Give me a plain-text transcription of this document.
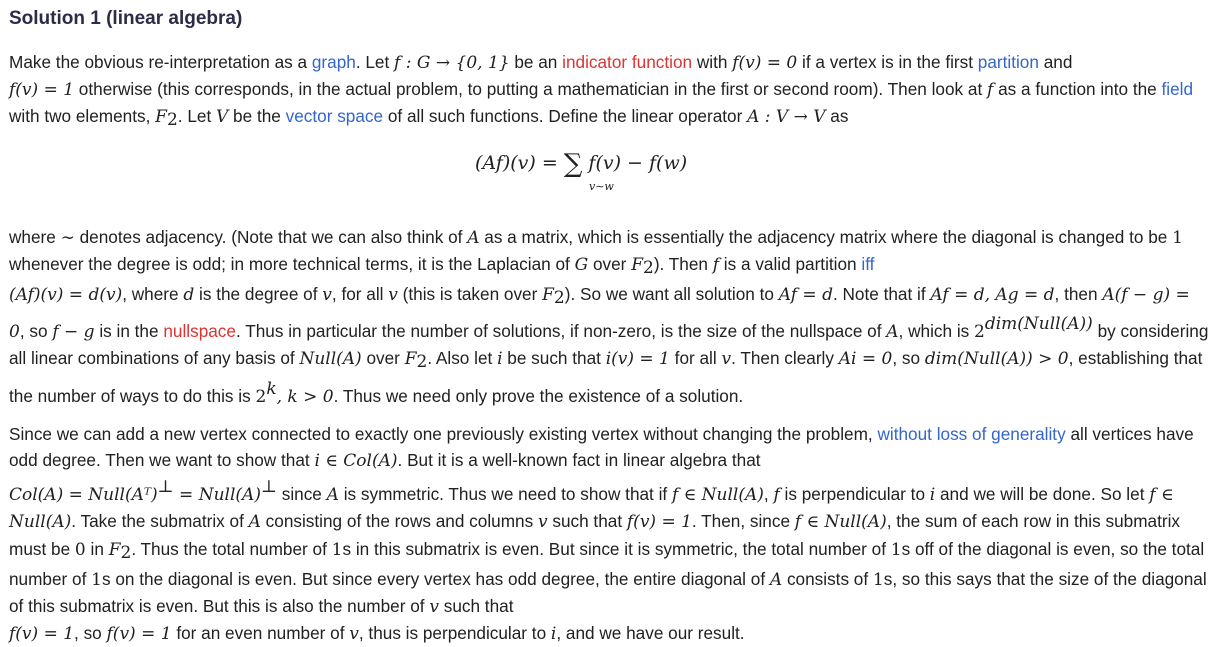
Solution 1 (linear algebra)

Make the obvious re-interpretation as a graph. Let f : G → {0, 1} be an indicator function with f(v) = 0 if a vertex is in the first partition and
f(v) = 1 otherwise (this corresponds, in the actual problem, to putting a mathematician in the first or second room). Then look at f as a function into the field with two elements, $F_2$. Let V be the vector space of all such functions. Define the linear operator A : V → V as

(Af)(v) = ∑ f(v) − f(w)
v∼w

where ∼ denotes adjacency. (Note that we can also think of A as a matrix, which is essentially the adjacency matrix where the diagonal is changed to be 1 whenever the degree is odd; in more technical terms, it is the Laplacian of G over $F_2$). Then f is a valid partition iff
(Af)(v) = d(v), where d is the degree of v, for all v (this is taken over $F_2$). So we want all solution to Af = d. Note that if Af = d, Ag = d, then A(f − g) = 0, so f − g is in the nullspace. Thus in particular the number of solutions, if non-zero, is the size of the nullspace of A, which is $2^{dim(Null(A))}$ by considering all linear combinations of any basis of Null(A) over $F_2$. Also let i be such that i(v) = 1 for all v. Then clearly Ai = 0, so dim(Null(A)) > 0, establishing that the number of ways to do this is 2$^k$, k > 0. Thus we need only prove the existence of a solution.

Since we can add a new vertex connected to exactly one previously existing vertex without changing the problem, without loss of generality all vertices have odd degree. Then we want to show that i ∈ Col(A). But it is a well-known fact in linear algebra that
Col(A) = Null(Aᵀ)⊥ = Null(A)⊥ since A is symmetric. Thus we need to show that if f ∈ Null(A), f is perpendicular to i and we will be done. So let f ∈ Null(A). Take the submatrix of A consisting of the rows and columns v such that f(v) = 1. Then, since f ∈ Null(A), the sum of each row in this submatrix must be 0 in $F_2$. Thus the total number of 1s in this submatrix is even. But since it is symmetric, the total number of 1s off of the diagonal is even, so the total number of 1s on the diagonal is even. But since every vertex has odd degree, the entire diagonal of A consists of 1s, so this says that the size of the diagonal of this submatrix is even. But this is also the number of v such that
f(v) = 1, so f(v) = 1 for an even number of v, thus is perpendicular to i, and we have our result.
